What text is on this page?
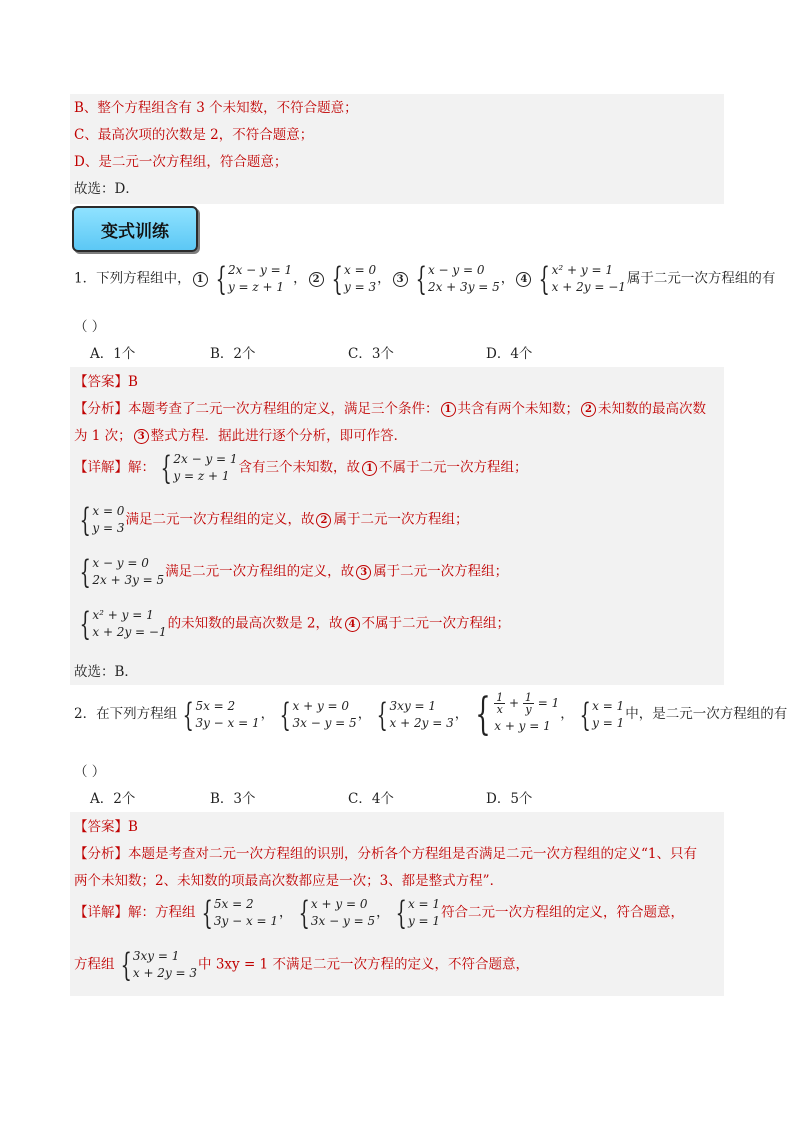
B、整个方程组含有 3 个未知数，不符合题意；
C、最高次项的次数是 2，不符合题意；
D、是二元一次方程组，符合题意；
故选：D．
变式训练
1．下列方程组中， 1 { 2x − y = 1
y = z + 1
， 2 { x = 0
y = 3
， 3 { x − y = 0
2x + 3y = 5
， 4 { x² + y = 1
x + 2y = −1
属于二元一次方程组的有
（ ）
A．1个	B．2个	C．3个	D．4个
【答案】B
【分析】本题考查了二元一次方程组的定义，满足三个条件： 1 共含有两个未知数； 2 未知数的最高次数
为 1 次； 3 整式方程．据此进行逐个分析，即可作答．
【详解】解： { 2x − y = 1
y = z + 1
含有三个未知数，故 1 不属于二元一次方程组；
{ x = 0
y = 3
满足二元一次方程组的定义，故 2 属于二元一次方程组；
{ x − y = 0
2x + 3y = 5
满足二元一次方程组的定义，故 3 属于二元一次方程组；
{ x² + y = 1
x + 2y = −1
的未知数的最高次数是 2，故 4 不属于二元一次方程组；
故选：B．
2．在下列方程组 { 5x = 2
3y − x = 1
， { x + y = 0
3x − y = 5
， { 3xy = 1
x + 2y = 3
， { $\frac{1}{x} + \frac{1}{y} = 1$
x + y = 1
， { x = 1
y = 1
中，是二元一次方程组的有
（ ）
A．2个	B．3个	C．4个	D．5个
【答案】B
【分析】本题是考查对二元一次方程组的识别，分析各个方程组是否满足二元一次方程组的定义“1、只有
两个未知数；2、未知数的项最高次数都应是一次；3、都是整式方程”．
【详解】解：方程组 { 5x = 2
3y − x = 1
， { x + y = 0
3x − y = 5
， { x = 1
y = 1
符合二元一次方程组的定义，符合题意，
方程组 { 3xy = 1
x + 2y = 3
中 3xy = 1 不满足二元一次方程的定义，不符合题意，
